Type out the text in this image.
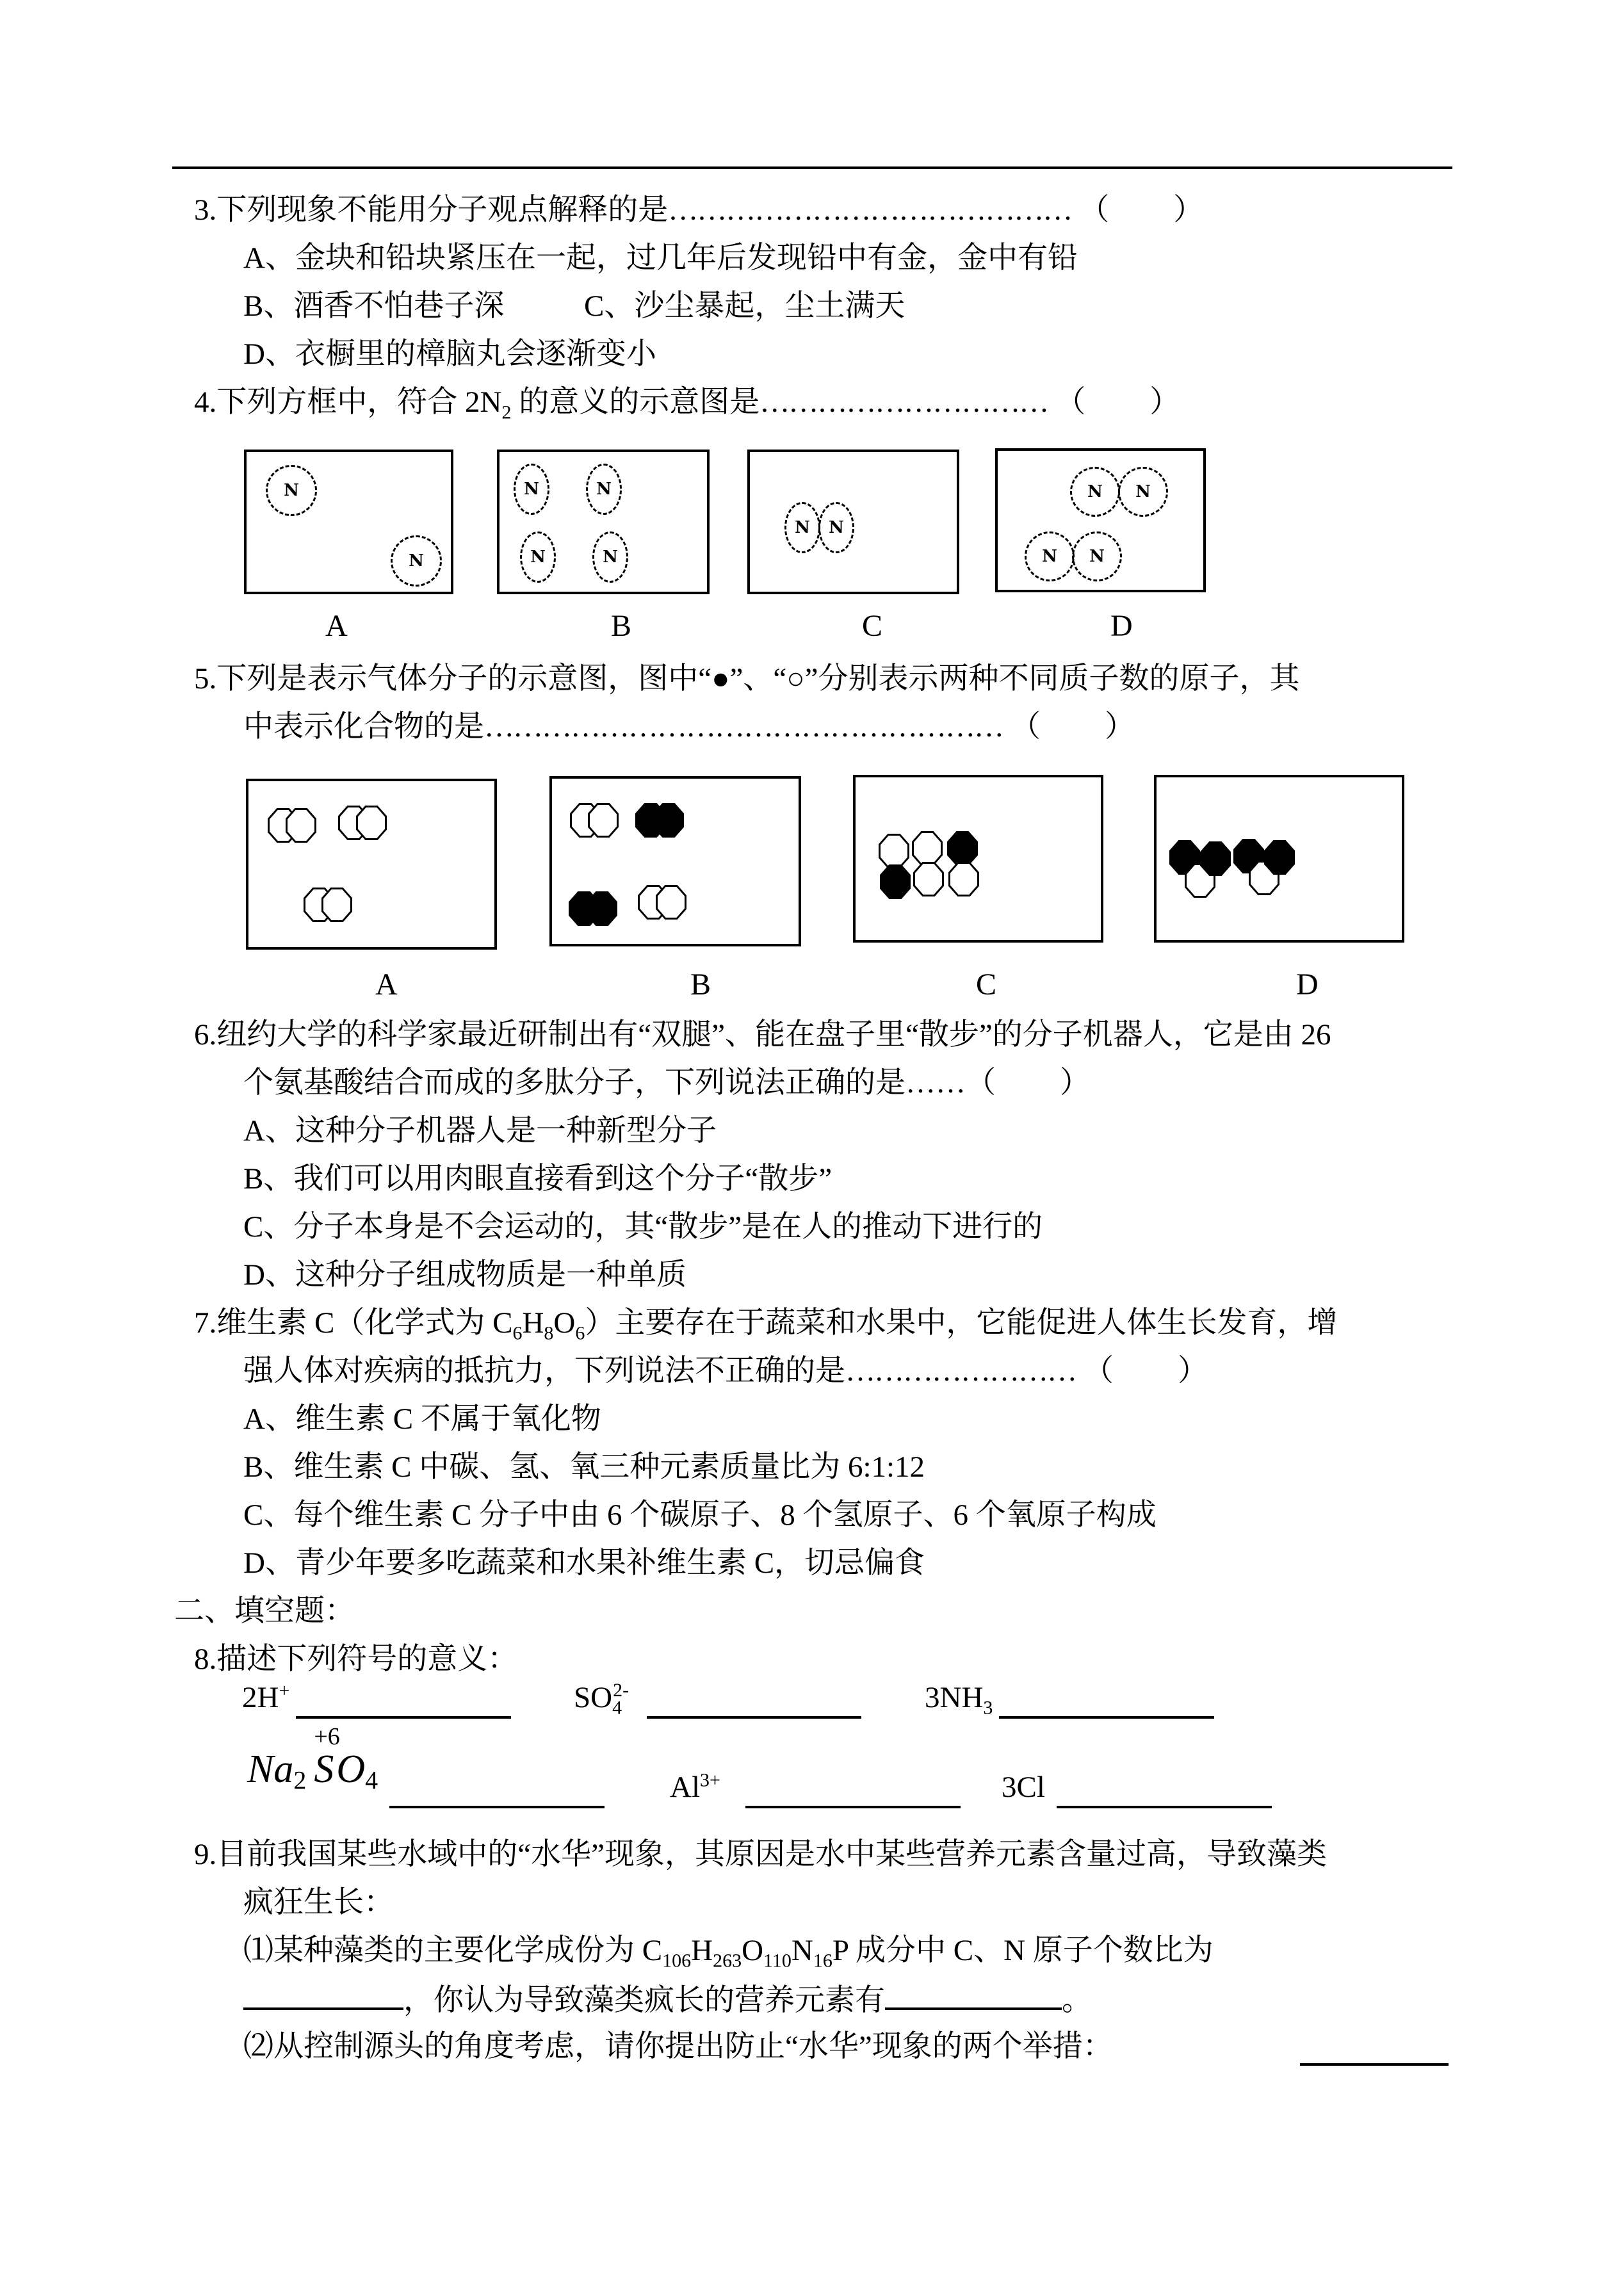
3.下列现象不能用分子观点解释的是…………………………………… （ ）
A、金块和铅块紧压在一起，过几年后发现铅中有金，金中有铅
B、酒香不怕巷子深	C、沙尘暴起，尘土满天
D、衣橱里的樟脑丸会逐渐变小
4.下列方框中，符合 $2N_2$ 的意义的示意图是………………………… （ ）
N
N
N	N
N	N
N N
N N
N N
A	B	C	D
5.下列是表示气体分子的示意图，图中“●”、“○”分别表示两种不同质子数的原子，其
中表示化合物的是……………………………………………… （ ）
A	B	C	D
6.纽约大学的科学家最近研制出有“双腿”、能在盘子里“散步”的分子机器人，它是由 26
个氨基酸结合而成的多肽分子，下列说法正确的是……（ ）
A、这种分子机器人是一种新型分子
B、我们可以用肉眼直接看到这个分子“散步”
C、分子本身是不会运动的，其“散步”是在人的推动下进行的
D、这种分子组成物质是一种单质
7.维生素 C（化学式为 $C_6H_8O_6$）主要存在于蔬菜和水果中，它能促进人体生长发育，增
强人体对疾病的抵抗力，下列说法不正确的是…………………… （ ）
A、维生素 C 不属于氧化物
B、维生素 C 中碳、氢、氧三种元素质量比为 6:1:12
C、每个维生素 C 分子中由 6 个碳原子、8 个氢原子、6 个氧原子构成
D、青少年要多吃蔬菜和水果补维生素 C，切忌偏食
二、填空题：
8.描述下列符号的意义：
2H+	$SO_4^{2-}$	$3NH_3$
$Na_2$
+6
$SO_4$	$Al^{3+}$	3Cl
9.目前我国某些水域中的“水华”现象，其原因是水中某些营养元素含量过高，导致藻类
疯狂生长：
⑴某种藻类的主要化学成份为 $C_{106}H_{263}O_{110}N_{16}P$ 成分中 C、N 原子个数比为
，你认为导致藻类疯长的营养元素有	。
⑵从控制源头的角度考虑，请你提出防止“水华”现象的两个举措：
